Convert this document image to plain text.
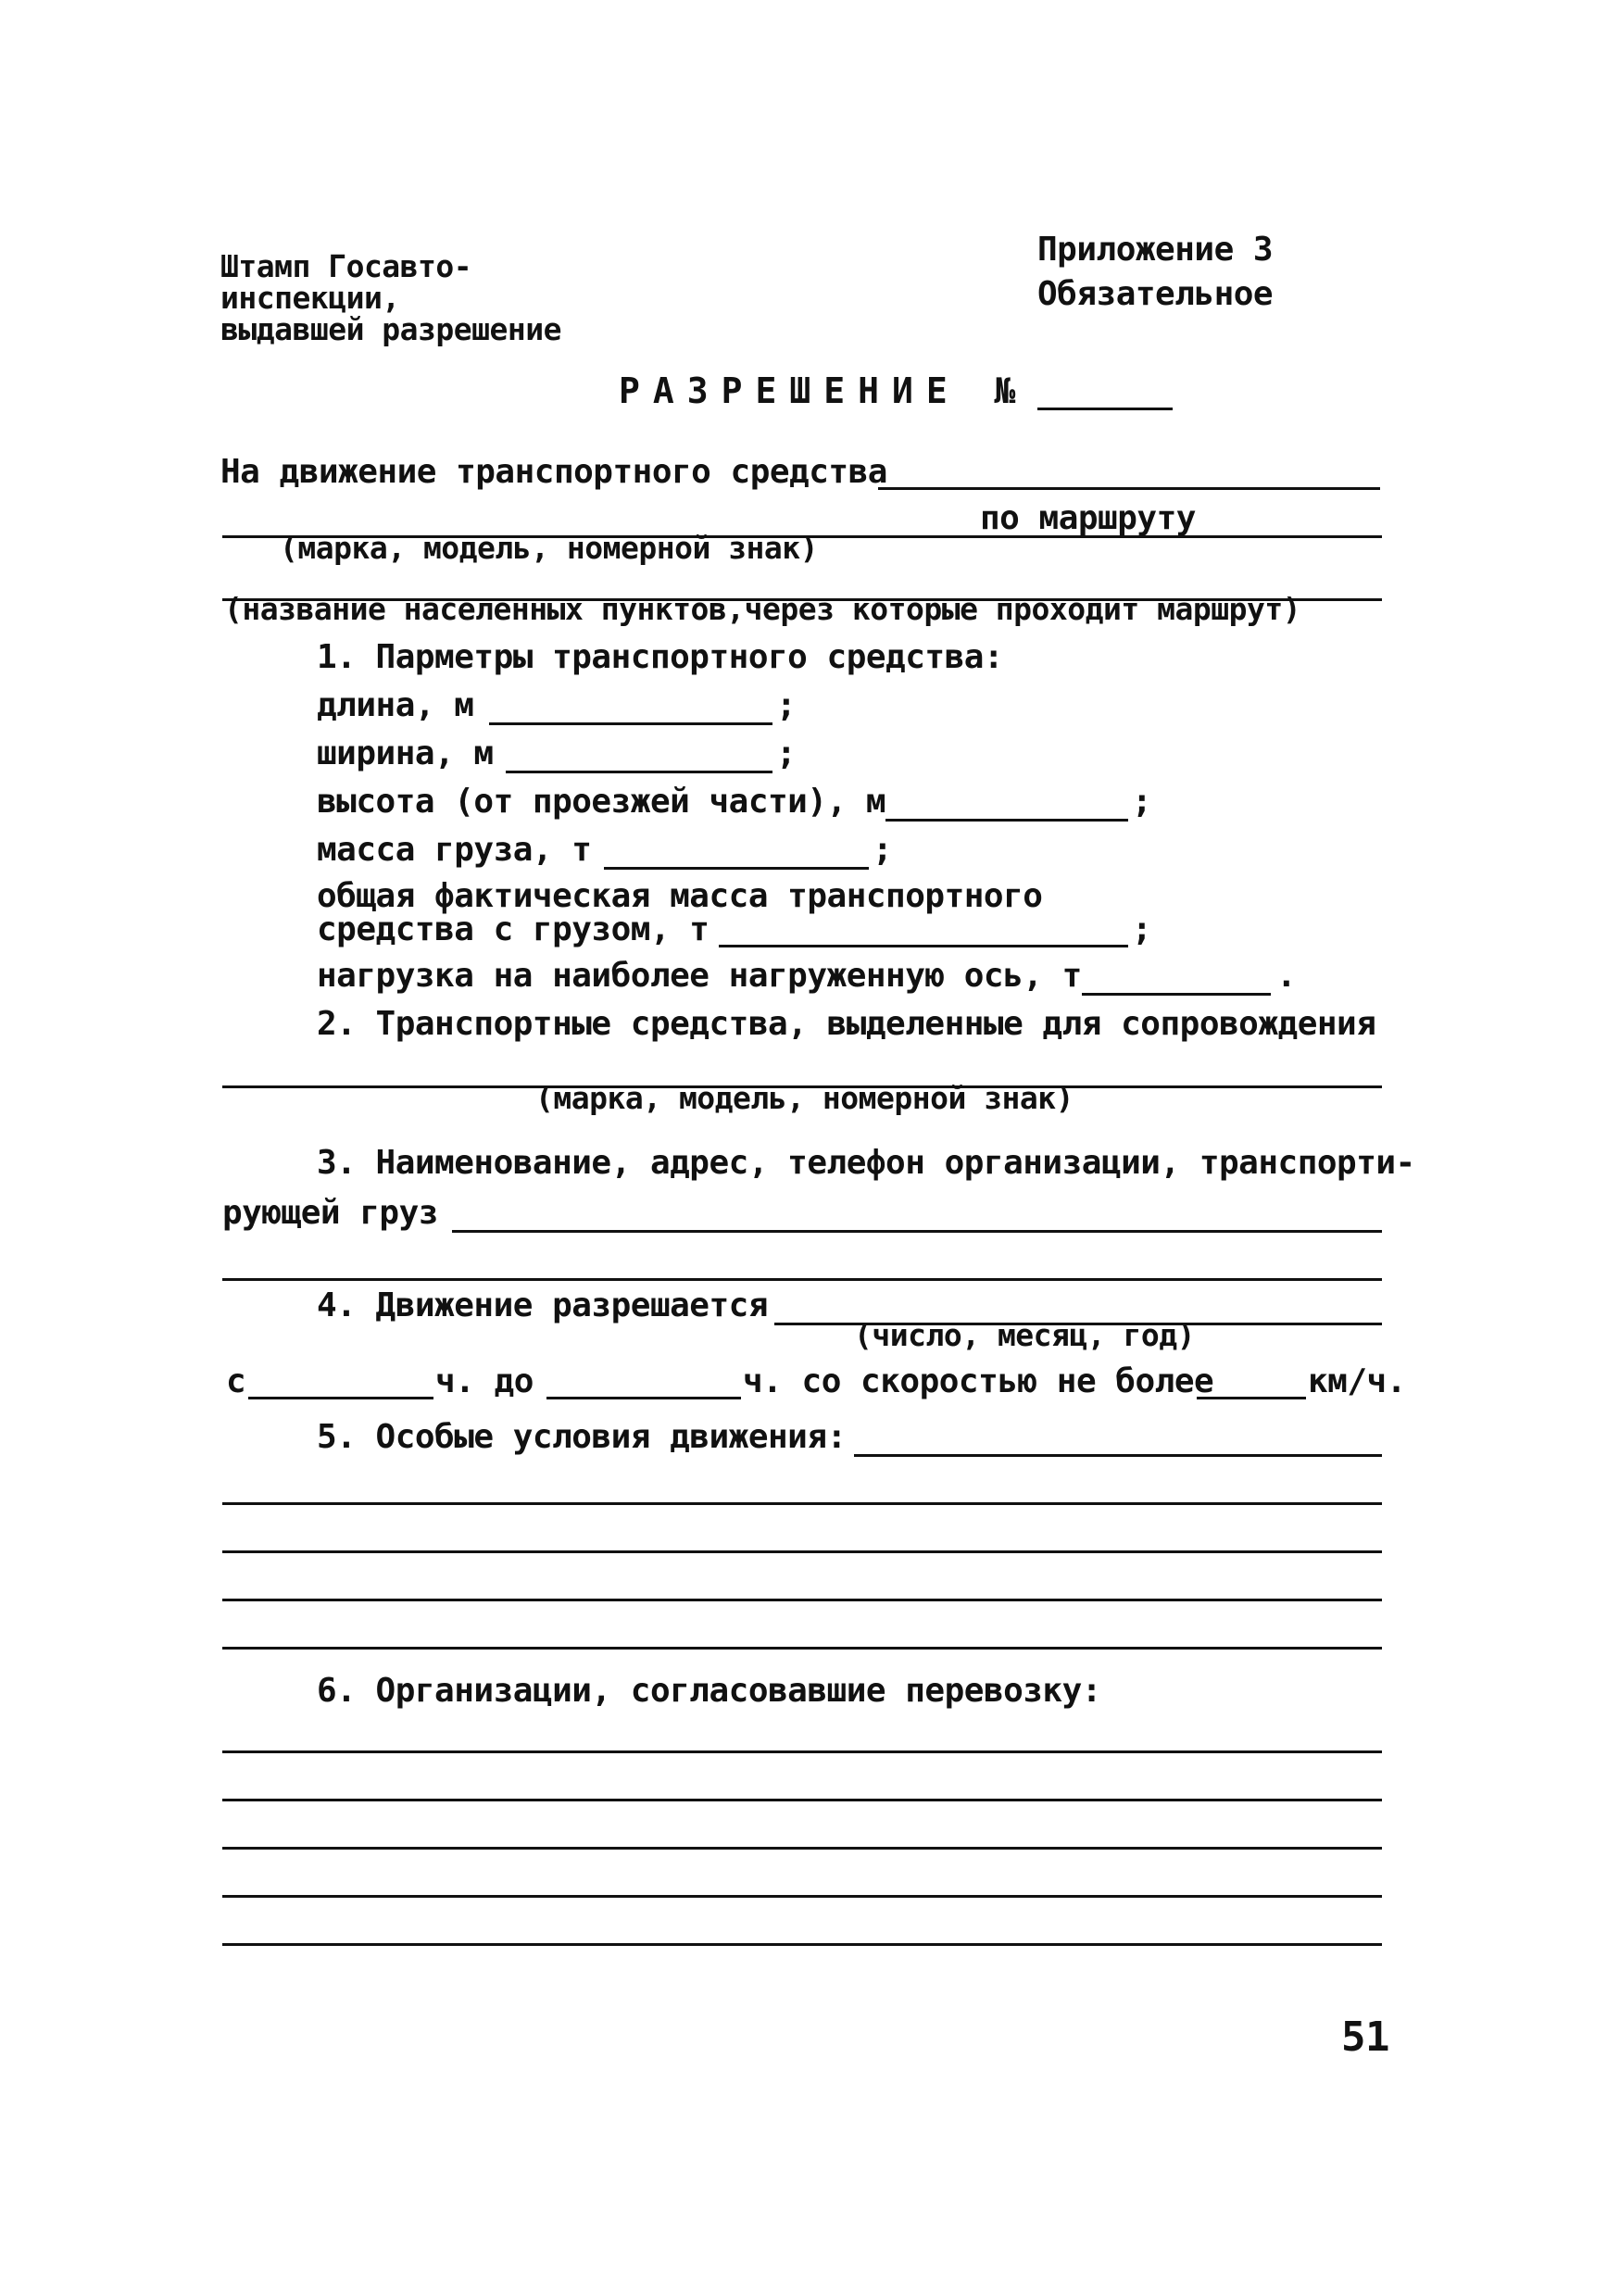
Штамп Госавто-
инспекции,
выдавшей разрешение
Приложение 3
Обязательное
РАЗРЕШЕНИЕ №
На движение транспортного средства
по маршруту
(марка, модель, номерной знак)
(название населенных пунктов,через которые проходит маршрут)
1. Парметры транспортного средства:
длина, м	;
ширина, м	;
высота (от проезжей части), м	;
масса груза, т	;
общая фактическая масса транспортного
средства с грузом, т	;
нагрузка на наиболее нагруженную ось, т	.
2. Транспортные средства, выделенные для сопровождения
(марка, модель, номерной знак)
3. Наименование, адрес, телефон организации, транспорти-
рующей груз
4. Движение разрешается
(число, месяц, год)
с	ч. до	ч. со скоростью не более	км/ч.
5. Особые условия движения:
6. Организации, согласовавшие перевозку:
51
